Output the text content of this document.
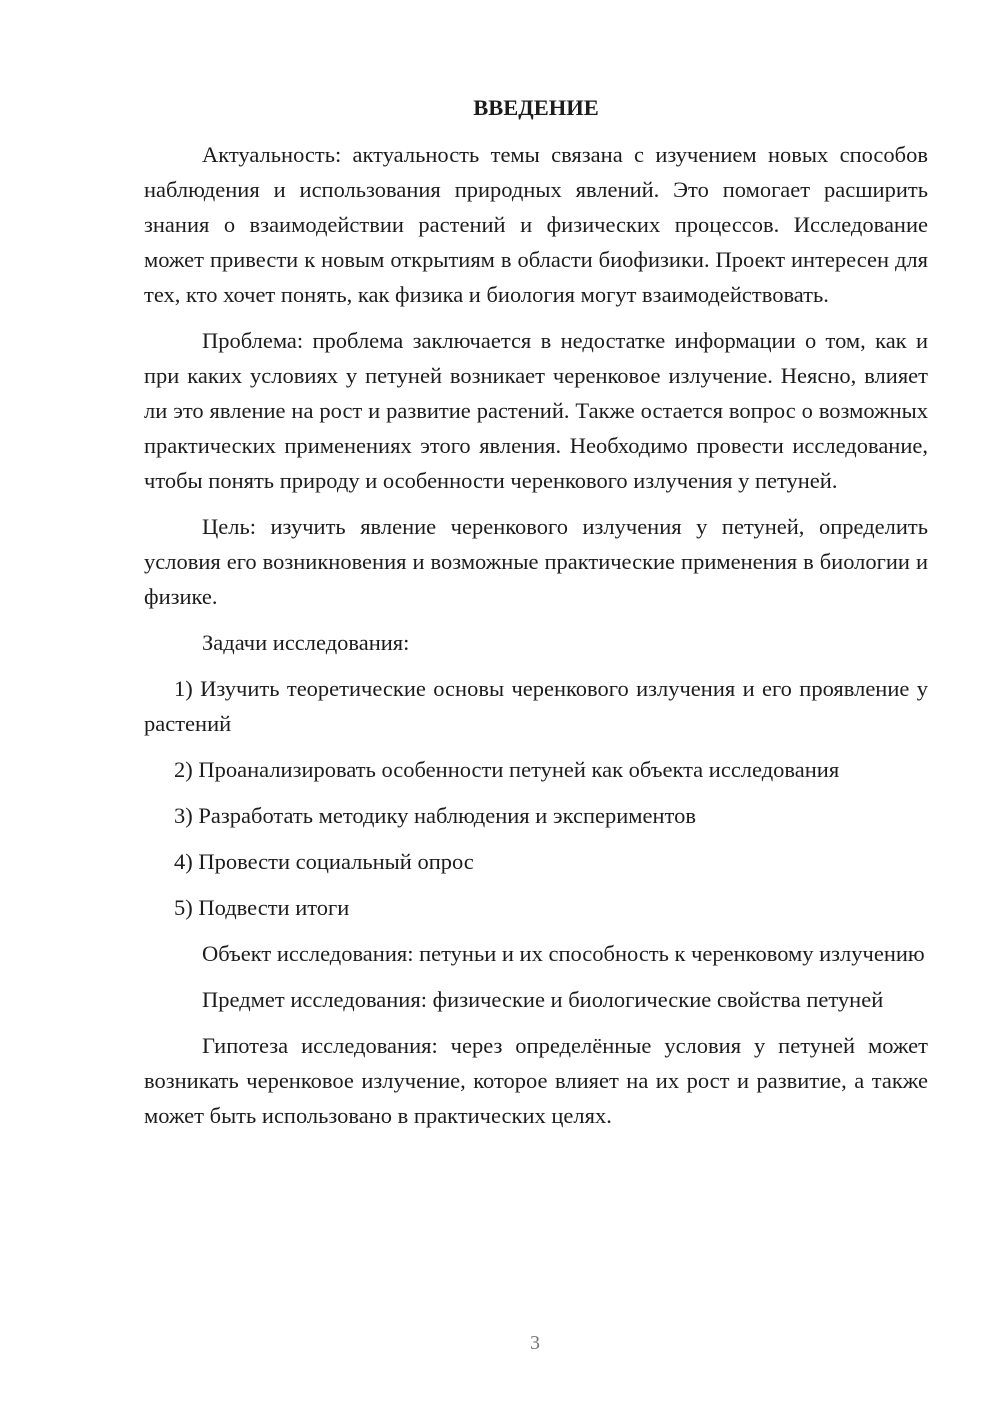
ВВЕДЕНИЕ

Актуальность: актуальность темы связана с изучением новых способов наблюдения и использования природных явлений. Это помогает расширить знания о взаимодействии растений и физических процессов. Исследование может привести к новым открытиям в области биофизики. Проект интересен для тех, кто хочет понять, как физика и биология могут взаимодействовать.

Проблема: проблема заключается в недостатке информации о том, как и при каких условиях у петуней возникает черенковое излучение. Неясно, влияет ли это явление на рост и развитие растений. Также остается вопрос о возможных практических применениях этого явления. Необходимо провести исследование, чтобы понять природу и особенности черенкового излучения у петуней.

Цель: изучить явление черенкового излучения у петуней, определить условия его возникновения и возможные практические применения в биологии и физике.

Задачи исследования:

1) Изучить теоретические основы черенкового излучения и его проявление у растений

2) Проанализировать особенности петуней как объекта исследования

3) Разработать методику наблюдения и экспериментов

4) Провести социальный опрос

5) Подвести итоги

Объект исследования: петуньи и их способность к черенковому излучению

Предмет исследования: физические и биологические свойства петуней

Гипотеза исследования: через определённые условия у петуней может возникать черенковое излучение, которое влияет на их рост и развитие, а также может быть использовано в практических целях.

3
